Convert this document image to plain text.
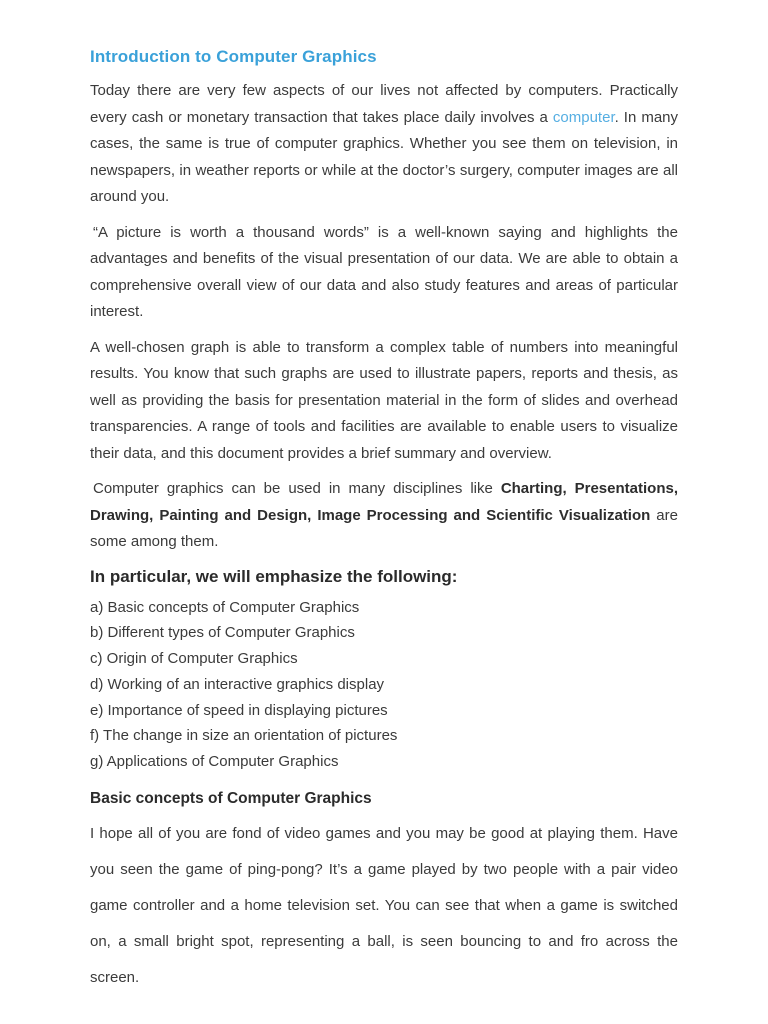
Introduction to Computer Graphics

Today there are very few aspects of our lives not affected by computers. Practically every cash or monetary transaction that takes place daily involves a computer. In many cases, the same is true of computer graphics. Whether you see them on television, in newspapers, in weather reports or while at the doctor’s surgery, computer images are all around you.

“A picture is worth a thousand words” is a well-known saying and highlights the advantages and benefits of the visual presentation of our data. We are able to obtain a comprehensive overall view of our data and also study features and areas of particular interest.

A well-chosen graph is able to transform a complex table of numbers into meaningful results. You know that such graphs are used to illustrate papers, reports and thesis, as well as providing the basis for presentation material in the form of slides and overhead transparencies. A range of tools and facilities are available to enable users to visualize their data, and this document provides a brief summary and overview.

Computer graphics can be used in many disciplines like Charting, Presentations, Drawing, Painting and Design, Image Processing and Scientific Visualization are some among them.

In particular, we will emphasize the following:
a) Basic concepts of Computer Graphics
b) Different types of Computer Graphics
c) Origin of Computer Graphics
d) Working of an interactive graphics display
e) Importance of speed in displaying pictures
f) The change in size an orientation of pictures
g) Applications of Computer Graphics
Basic concepts of Computer Graphics

I hope all of you are fond of video games and you may be good at playing them. Have you seen the game of ping-pong? It’s a game played by two people with a pair video game controller and a home television set. You can see that when a game is switched on, a small bright spot, representing a ball, is seen bouncing to and fro across the screen.
